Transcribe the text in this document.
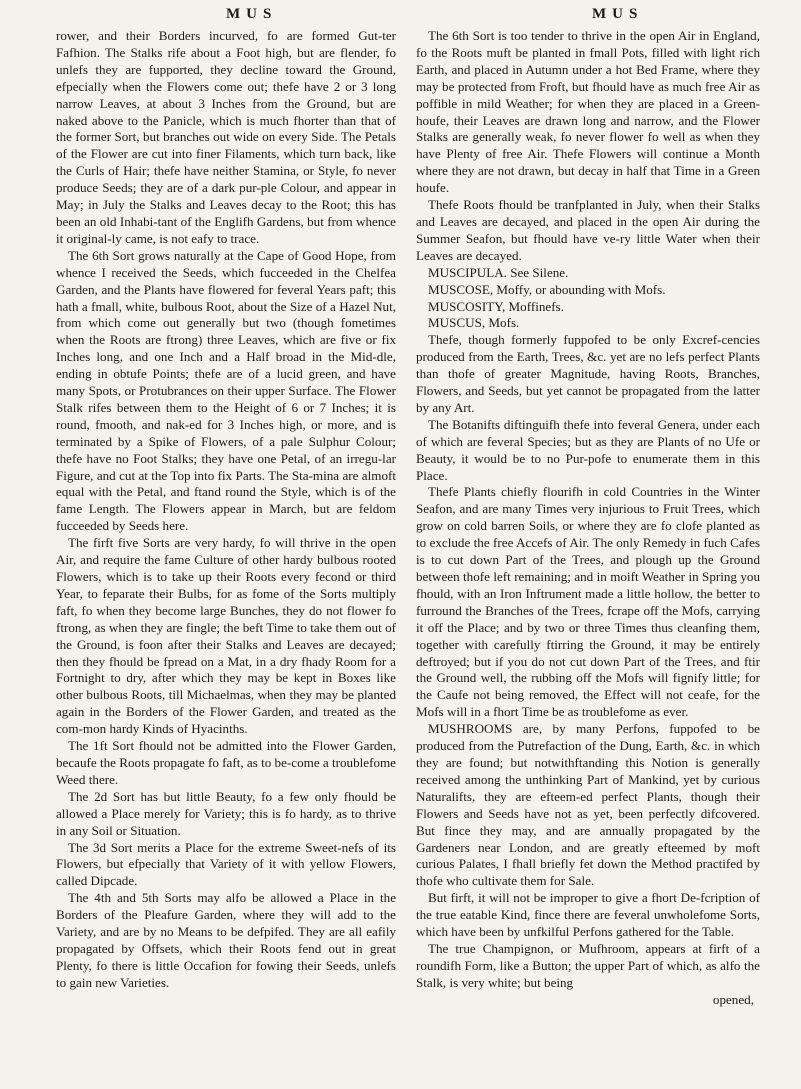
MUS	MUS

rower, and their Borders incurved, fo are formed Gut-ter Fafhion. The Stalks rife about a Foot high, but are flender, fo unlefs they are fupported, they decline toward the Ground, efpecially when the Flowers come out; thefe have 2 or 3 long narrow Leaves, at about 3 Inches from the Ground, but are naked above to the Panicle, which is much fhorter than that of the former Sort, but branches out wide on every Side. The Petals of the Flower are cut into finer Filaments, which turn back, like the Curls of Hair; thefe have neither Stamina, or Style, fo never produce Seeds; they are of a dark pur-ple Colour, and appear in May; in July the Stalks and Leaves decay to the Root; this has been an old Inhabi-tant of the Englifh Gardens, but from whence it original-ly came, is not eafy to trace.

The 6th Sort grows naturally at the Cape of Good Hope, from whence I received the Seeds, which fucceeded in the Chelfea Garden, and the Plants have flowered for feveral Years paft; this hath a fmall, white, bulbous Root, about the Size of a Hazel Nut, from which come out generally but two (though fometimes when the Roots are ftrong) three Leaves, which are five or fix Inches long, and one Inch and a Half broad in the Mid-dle, ending in obtufe Points; thefe are of a lucid green, and have many Spots, or Protubrances on their upper Surface. The Flower Stalk rifes between them to the Height of 6 or 7 Inches; it is round, fmooth, and nak-ed for 3 Inches high, or more, and is terminated by a Spike of Flowers, of a pale Sulphur Colour; thefe have no Foot Stalks; they have one Petal, of an irregu-lar Figure, and cut at the Top into fix Parts. The Sta-mina are almoft equal with the Petal, and ftand round the Style, which is of the fame Length. The Flowers appear in March, but are feldom fucceeded by Seeds here.

The firft five Sorts are very hardy, fo will thrive in the open Air, and require the fame Culture of other hardy bulbous rooted Flowers, which is to take up their Roots every fecond or third Year, to feparate their Bulbs, for as fome of the Sorts multiply faft, fo when they become large Bunches, they do not flower fo ftrong, as when they are fingle; the beft Time to take them out of the Ground, is foon after their Stalks and Leaves are decayed; then they fhould be fpread on a Mat, in a dry fhady Room for a Fortnight to dry, after which they may be kept in Boxes like other bulbous Roots, till Michaelmas, when they may be planted again in the Borders of the Flower Garden, and treated as the com-mon hardy Kinds of Hyacinths.

The 1ft Sort fhould not be admitted into the Flower Garden, becaufe the Roots propagate fo faft, as to be-come a troublefome Weed there.

The 2d Sort has but little Beauty, fo a few only fhould be allowed a Place merely for Variety; this is fo hardy, as to thrive in any Soil or Situation.

The 3d Sort merits a Place for the extreme Sweet-nefs of its Flowers, but efpecially that Variety of it with yellow Flowers, called Dipcade.

The 4th and 5th Sorts may alfo be allowed a Place in the Borders of the Pleafure Garden, where they will add to the Variety, and are by no Means to be defpifed. They are all eafily propagated by Offsets, which their Roots fend out in great Plenty, fo there is little Occafion for fowing their Seeds, unlefs to gain new Varieties.

The 6th Sort is too tender to thrive in the open Air in England, fo the Roots muft be planted in fmall Pots, filled with light rich Earth, and placed in Autumn under a hot Bed Frame, where they may be protected from Froft, but fhould have as much free Air as poffible in mild Weather; for when they are placed in a Green-houfe, their Leaves are drawn long and narrow, and the Flower Stalks are generally weak, fo never flower fo well as when they have Plenty of free Air. Thefe Flowers will continue a Month where they are not drawn, but decay in half that Time in a Green houfe.

Thefe Roots fhould be tranfplanted in July, when their Stalks and Leaves are decayed, and placed in the open Air during the Summer Seafon, but fhould have ve-ry little Water when their Leaves are decayed.

MUSCIPULA. See Silene.

MUSCOSE, Moffy, or abounding with Mofs.

MUSCOSITY, Moffinefs.

MUSCUS, Mofs.

Thefe, though formerly fuppofed to be only Excref-cencies produced from the Earth, Trees, &c. yet are no lefs perfect Plants than thofe of greater Magnitude, having Roots, Branches, Flowers, and Seeds, but yet cannot be propagated from the latter by any Art.

The Botanifts diftinguifh thefe into feveral Genera, under each of which are feveral Species; but as they are Plants of no Ufe or Beauty, it would be to no Pur-pofe to enumerate them in this Place.

Thefe Plants chiefly flourifh in cold Countries in the Winter Seafon, and are many Times very injurious to Fruit Trees, which grow on cold barren Soils, or where they are fo clofe planted as to exclude the free Accefs of Air. The only Remedy in fuch Cafes is to cut down Part of the Trees, and plough up the Ground between thofe left remaining; and in moift Weather in Spring you fhould, with an Iron Inftrument made a little hollow, the better to furround the Branches of the Trees, fcrape off the Mofs, carrying it off the Place; and by two or three Times thus cleanfing them, together with carefully ftirring the Ground, it may be entirely deftroyed; but if you do not cut down Part of the Trees, and ftir the Ground well, the rubbing off the Mofs will fignify little; for the Caufe not being removed, the Effect will not ceafe, for the Mofs will in a fhort Time be as troublefome as ever.

MUSHROOMS are, by many Perfons, fuppofed to be produced from the Putrefaction of the Dung, Earth, &c. in which they are found; but notwithftanding this Notion is generally received among the unthinking Part of Mankind, yet by curious Naturalifts, they are efteem-ed perfect Plants, though their Flowers and Seeds have not as yet, been perfectly difcovered. But fince they may, and are annually propagated by the Gardeners near London, and are greatly efteemed by moft curious Palates, I fhall briefly fet down the Method practifed by thofe who cultivate them for Sale.

But firft, it will not be improper to give a fhort De-fcription of the true eatable Kind, fince there are feveral unwholefome Sorts, which have been by unfkilful Perfons gathered for the Table.

The true Champignon, or Mufhroom, appears at firft of a roundifh Form, like a Button; the upper Part of which, as alfo the Stalk, is very white; but being

opened,
